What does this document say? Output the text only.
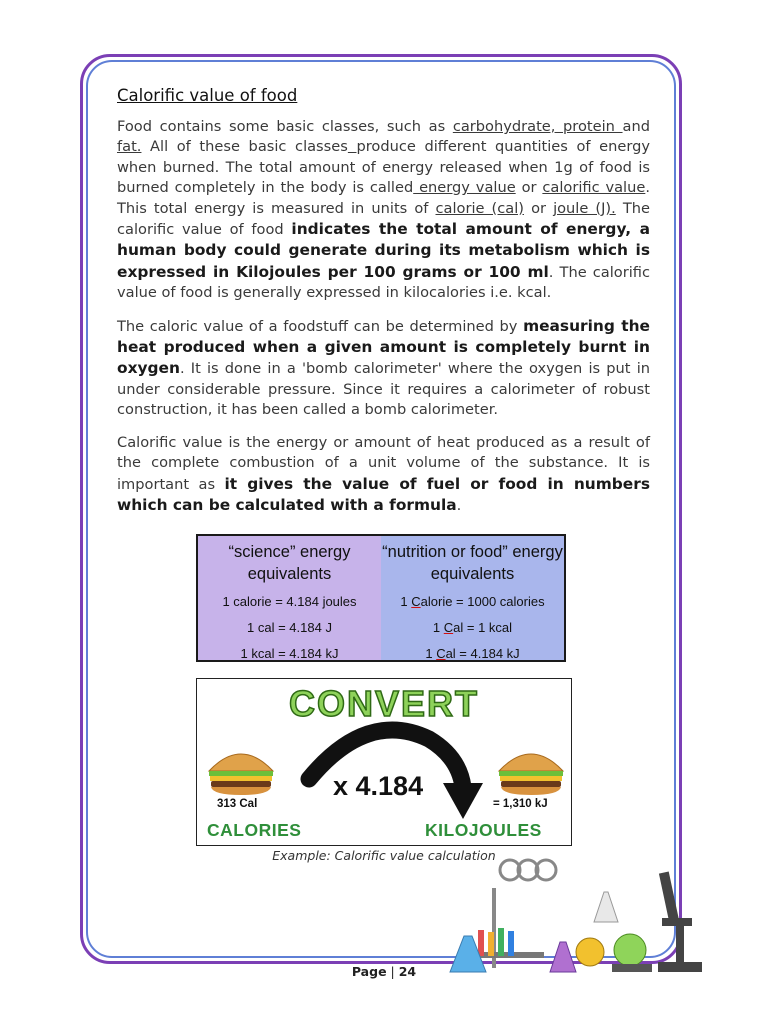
Calorific value of food

Food contains some basic classes, such as carbohydrate, protein and fat. All of these basic classes produce different quantities of energy when burned. The total amount of energy released when 1g of food is burned completely in the body is called energy value or calorific value. This total energy is measured in units of calorie (cal) or joule (J). The calorific value of food indicates the total amount of energy, a human body could generate during its metabolism which is expressed in Kilojoules per 100 grams or 100 ml. The calorific value of food is generally expressed in kilocalories i.e. kcal.

The caloric value of a foodstuff can be determined by measuring the heat produced when a given amount is completely burnt in oxygen. It is done in a 'bomb calorimeter' where the oxygen is put in under considerable pressure. Since it requires a calorimeter of robust construction, it has been called a bomb calorimeter.

Calorific value is the energy or amount of heat produced as a result of the complete combustion of a unit volume of the substance. It is important as it gives the value of fuel or food in numbers which can be calculated with a formula.

“science” energy equivalents
1 calorie = 4.184 joules
1 cal = 4.184 J
1 kcal = 4.184 kJ
“nutrition or food” energy equivalents
1 Calorie = 1000 calories
1 Cal = 1 kcal
1 Cal = 4.184 kJ
CONVERT
x 4.184
313 Cal	= 1,310 kJ
CALORIES	KILOJOULES
Example: Calorific value calculation
Page | 24
